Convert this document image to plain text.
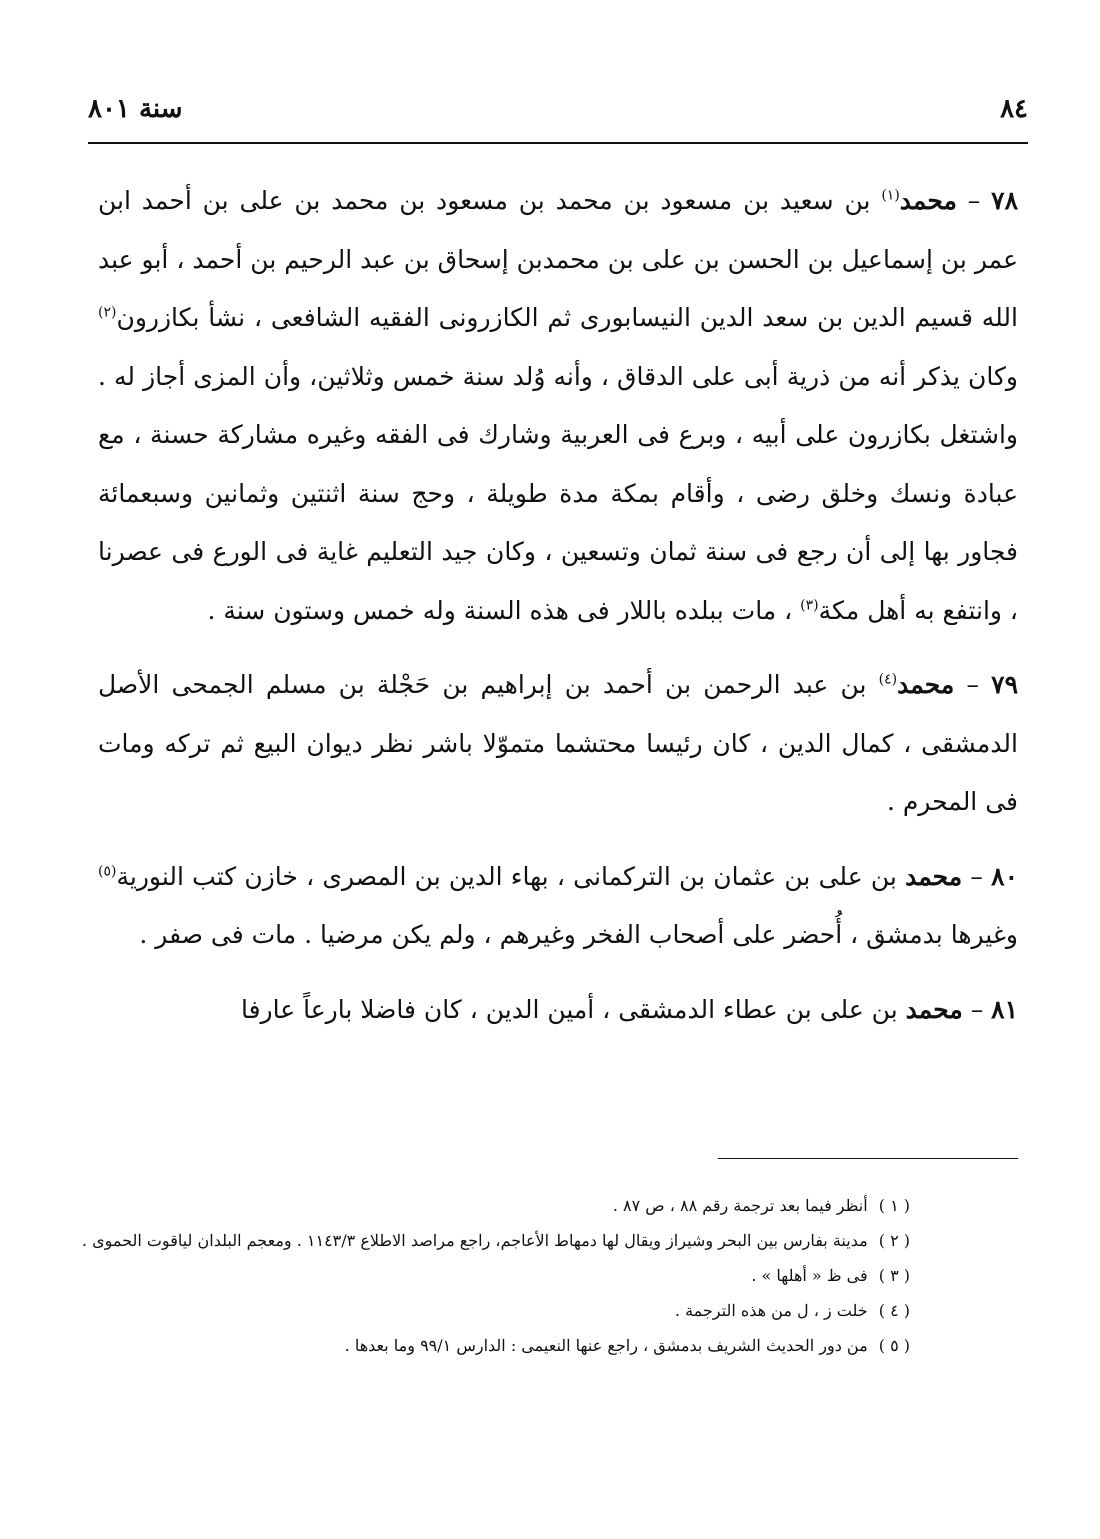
٨٤
سنة ٨٠١

٧٨ – محمد$^{(١)}$ بن سعيد بن مسعود بن محمد بن مسعود بن محمد بن على بن أحمد ابن عمر بن إسماعيل بن الحسن بن على بن محمدبن إسحاق بن عبد الرحيم بن أحمد ، أبو عبد الله قسيم الدين بن سعد الدين النيسابورى ثم الكازرونى الفقيه الشافعى ، نشأ بكازرون$^{(٢)}$ وكان يذكر أنه من ذرية أبى على الدقاق ، وأنه وُلد سنة خمس وثلاثين، وأن المزى أجاز له . واشتغل بكازرون على أبيه ، وبرع فى العربية وشارك فى الفقه وغيره مشاركة حسنة ، مع عبادة ونسك وخلق رضى ، وأقام بمكة مدة طويلة ، وحج سنة اثنتين وثمانين وسبعمائة فجاور بها إلى أن رجع فى سنة ثمان وتسعين ، وكان جيد التعليم غاية فى الورع فى عصرنا ، وانتفع به أهل مكة$^{(٣)}$ ، مات ببلده باللار فى هذه السنة وله خمس وستون سنة .

٧٩ – محمد$^{(٤)}$ بن عبد الرحمن بن أحمد بن إبراهيم بن حَجْلة بن مسلم الجمحى الأصل الدمشقى ، كمال الدين ، كان رئيسا محتشما متموّلا باشر نظر ديوان البيع ثم تركه ومات فى المحرم .

٨٠ – محمد بن على بن عثمان بن التركمانى ، بهاء الدين بن المصرى ، خازن كتب النورية$^{(٥)}$ وغيرها بدمشق ، أُحضر على أصحاب الفخر وغيرهم ، ولم يكن مرضيا . مات فى صفر .

٨١ – محمد بن على بن عطاء الدمشقى ، أمين الدين ، كان فاضلا بارعاً عارفا

( ١ ) أنظر فيما بعد ترجمة رقم ٨٨ ، ص ٨٧ .

( ٢ ) مدينة بفارس بين البحر وشيراز ويقال لها دمهاط الأعاجم، راجع مراصد الاطلاع ١١٤٣/٣ . ومعجم البلدان لياقوت الحموى .

( ٣ ) فى ظ « أهلها » .

( ٤ ) خلت ز ، ل من هذه الترجمة .

( ٥ ) من دور الحديث الشريف بدمشق ، راجع عنها النعيمى : الدارس ٩٩/١ وما بعدها .
